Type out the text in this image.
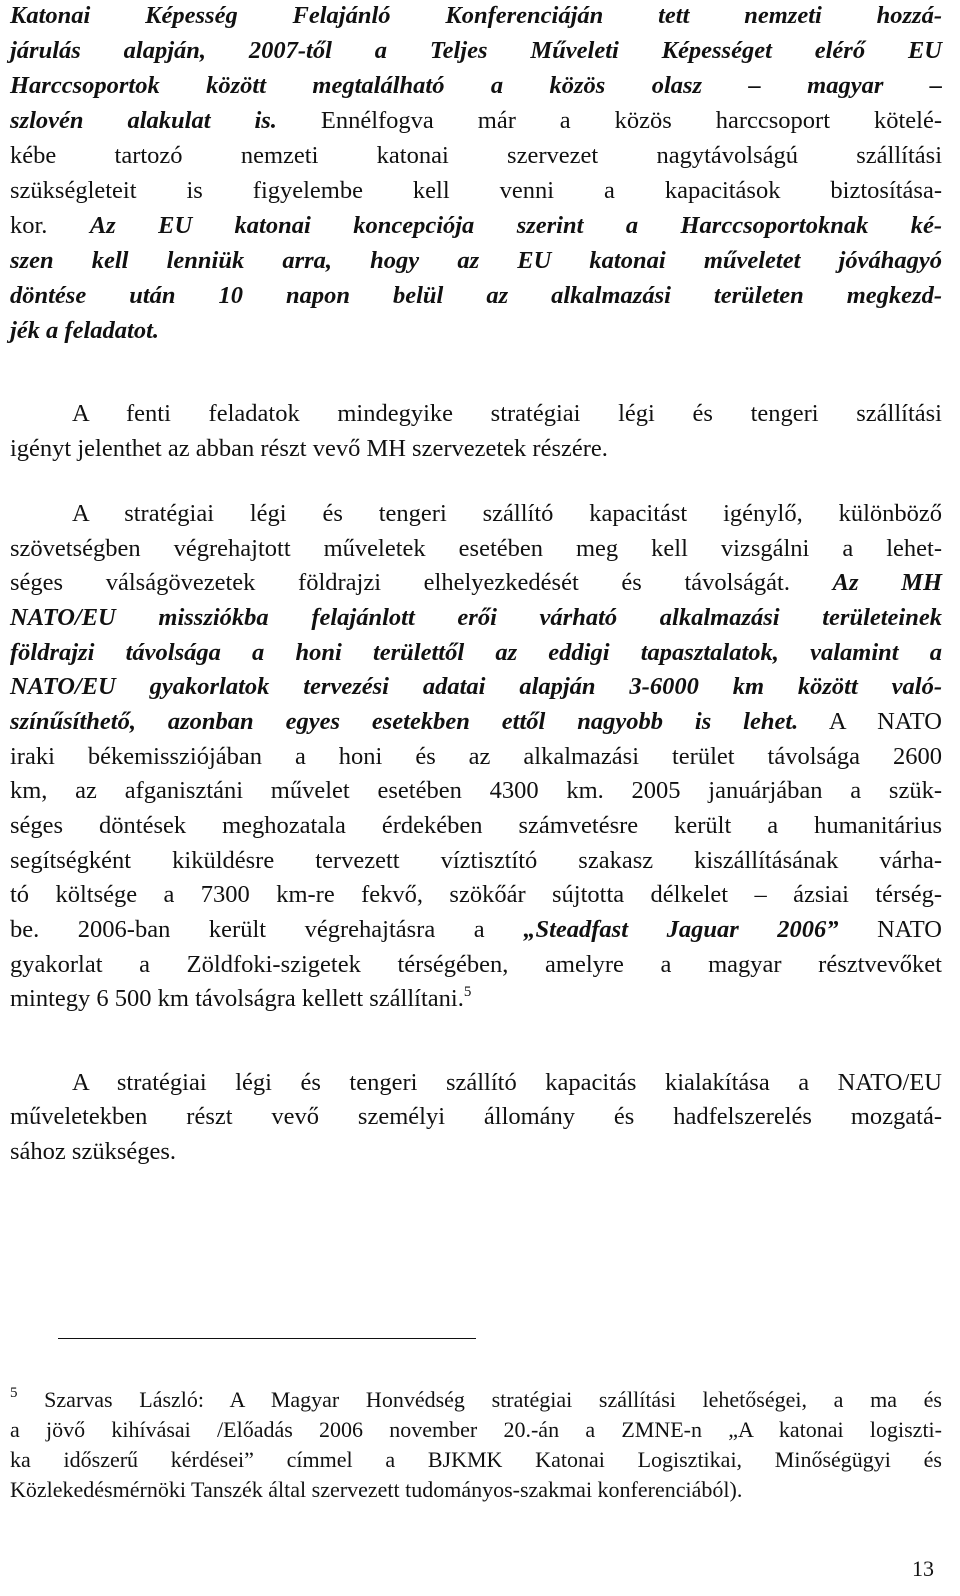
Katonai Képesség Felajánló Konferenciáján tett nemzeti hozzá-
járulás alapján, 2007-től a Teljes Műveleti Képességet elérő EU
Harccsoportok között megtalálható a közös olasz – magyar –
szlovén alakulat is. Ennélfogva már a közös harccsoport kötelé-
kébe tartozó nemzeti katonai szervezet nagytávolságú szállítási
szükségleteit is figyelembe kell venni a kapacitások biztosítása-
kor. Az EU katonai koncepciója szerint a Harccsoportoknak ké-
szen kell lenniük arra, hogy az EU katonai műveletet jóváhagyó
döntése után 10 napon belül az alkalmazási területen megkezd-
jék a feladatot.
A fenti feladatok mindegyike stratégiai légi és tengeri szállítási
igényt jelenthet az abban részt vevő MH szervezetek részére.
A stratégiai légi és tengeri szállító kapacitást igénylő, különböző
szövetségben végrehajtott műveletek esetében meg kell vizsgálni a lehet-
séges válságövezetek földrajzi elhelyezkedését és távolságát. Az MH
NATO/EU missziókba felajánlott erői várható alkalmazási területeinek
földrajzi távolsága a honi területtől az eddigi tapasztalatok, valamint a
NATO/EU gyakorlatok tervezési adatai alapján 3-6000 km között való-
színűsíthető, azonban egyes esetekben ettől nagyobb is lehet. A NATO
iraki békemissziójában a honi és az alkalmazási terület távolsága 2600
km, az afganisztáni művelet esetében 4300 km. 2005 januárjában a szük-
séges döntések meghozatala érdekében számvetésre került a humanitárius
segítségként kiküldésre tervezett víztisztító szakasz kiszállításának várha-
tó költsége a 7300 km-re fekvő, szökőár sújtotta délkelet – ázsiai térség-
be. 2006-ban került végrehajtásra a „Steadfast Jaguar 2006” NATO
gyakorlat a Zöldfoki-szigetek térségében, amelyre a magyar résztvevőket
mintegy 6 500 km távolságra kellett szállítani.$^5$
A stratégiai légi és tengeri szállító kapacitás kialakítása a NATO/EU
műveletekben részt vevő személyi állomány és hadfelszerelés mozgatá-
sához szükséges.
$^5$ Szarvas László: A Magyar Honvédség stratégiai szállítási lehetőségei, a ma és
a jövő kihívásai /Előadás 2006 november 20.-án a ZMNE-n „A katonai logiszti-
ka időszerű kérdései” címmel a BJKMK Katonai Logisztikai, Minőségügyi és
Közlekedésmérnöki Tanszék által szervezett tudományos-szakmai konferenciából).
13
